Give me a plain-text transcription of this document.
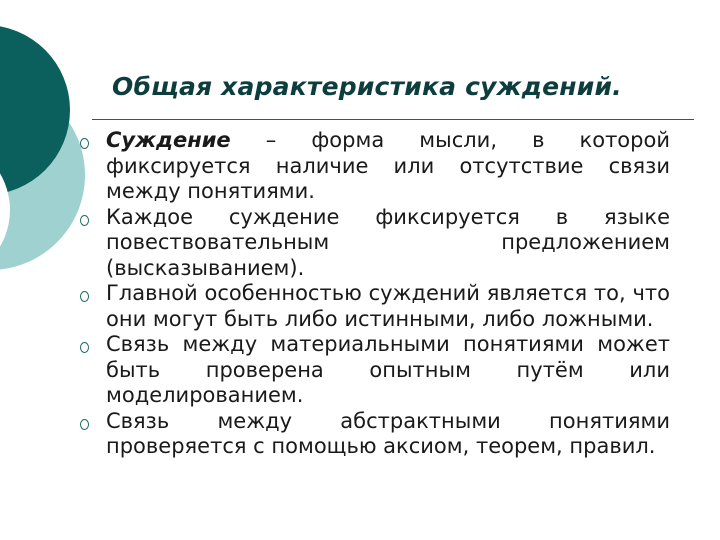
Общая характеристика суждений.
Суждение – форма мысли, в которой фиксируется наличие или отсутствие связи между понятиями.
Каждое суждение фиксируется в языке повествовательным предложением (высказыванием).
Главной особенностью суждений является то, что они могут быть либо истинными, либо ложными.
Связь между материальными понятиями может быть проверена опытным путём или моделированием.
Связь между абстрактными понятиями проверяется с помощью аксиом, теорем, правил.
